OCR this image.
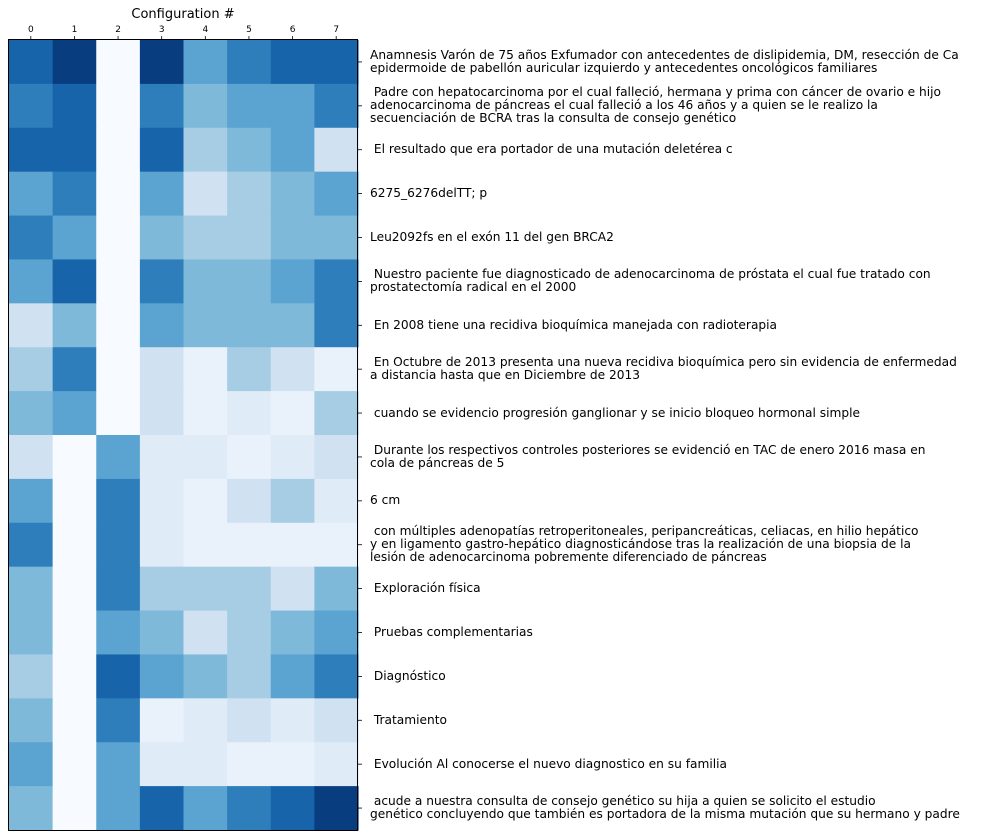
0	1	2	3	4	5	6	7
Configuration #
Anamnesis Varón de 75 años Exfumador con antecedentes de dislipidemia, DM, resección de Ca
epidermoide de pabellón auricular izquierdo y antecedentes oncológicos familiares
Padre con hepatocarcinoma por el cual falleció, hermana y prima con cáncer de ovario e hijo
adenocarcinoma de páncreas el cual falleció a los 46 años y a quien se le realizo la
secuenciación de BCRA tras la consulta de consejo genético
El resultado que era portador de una mutación deletérea c
6275_6276delTT; p
Leu2092fs en el exón 11 del gen BRCA2
Nuestro paciente fue diagnosticado de adenocarcinoma de próstata el cual fue tratado con
prostatectomía radical en el 2000
En 2008 tiene una recidiva bioquímica manejada con radioterapia
En Octubre de 2013 presenta una nueva recidiva bioquímica pero sin evidencia de enfermedad
a distancia hasta que en Diciembre de 2013
cuando se evidencio progresión ganglionar y se inicio bloqueo hormonal simple
Durante los respectivos controles posteriores se evidenció en TAC de enero 2016 masa en
cola de páncreas de 5
6 cm
con múltiples adenopatías retroperitoneales, peripancreáticas, celiacas, en hilio hepático
y en ligamento gastro-hepático diagnosticándose tras la realización de una biopsia de la
lesión de adenocarcinoma pobremente diferenciado de páncreas
Exploración física
Pruebas complementarias
Diagnóstico
Tratamiento
Evolución Al conocerse el nuevo diagnostico en su familia
acude a nuestra consulta de consejo genético su hija a quien se solicito el estudio
genético concluyendo que también es portadora de la misma mutación que su hermano y padre
